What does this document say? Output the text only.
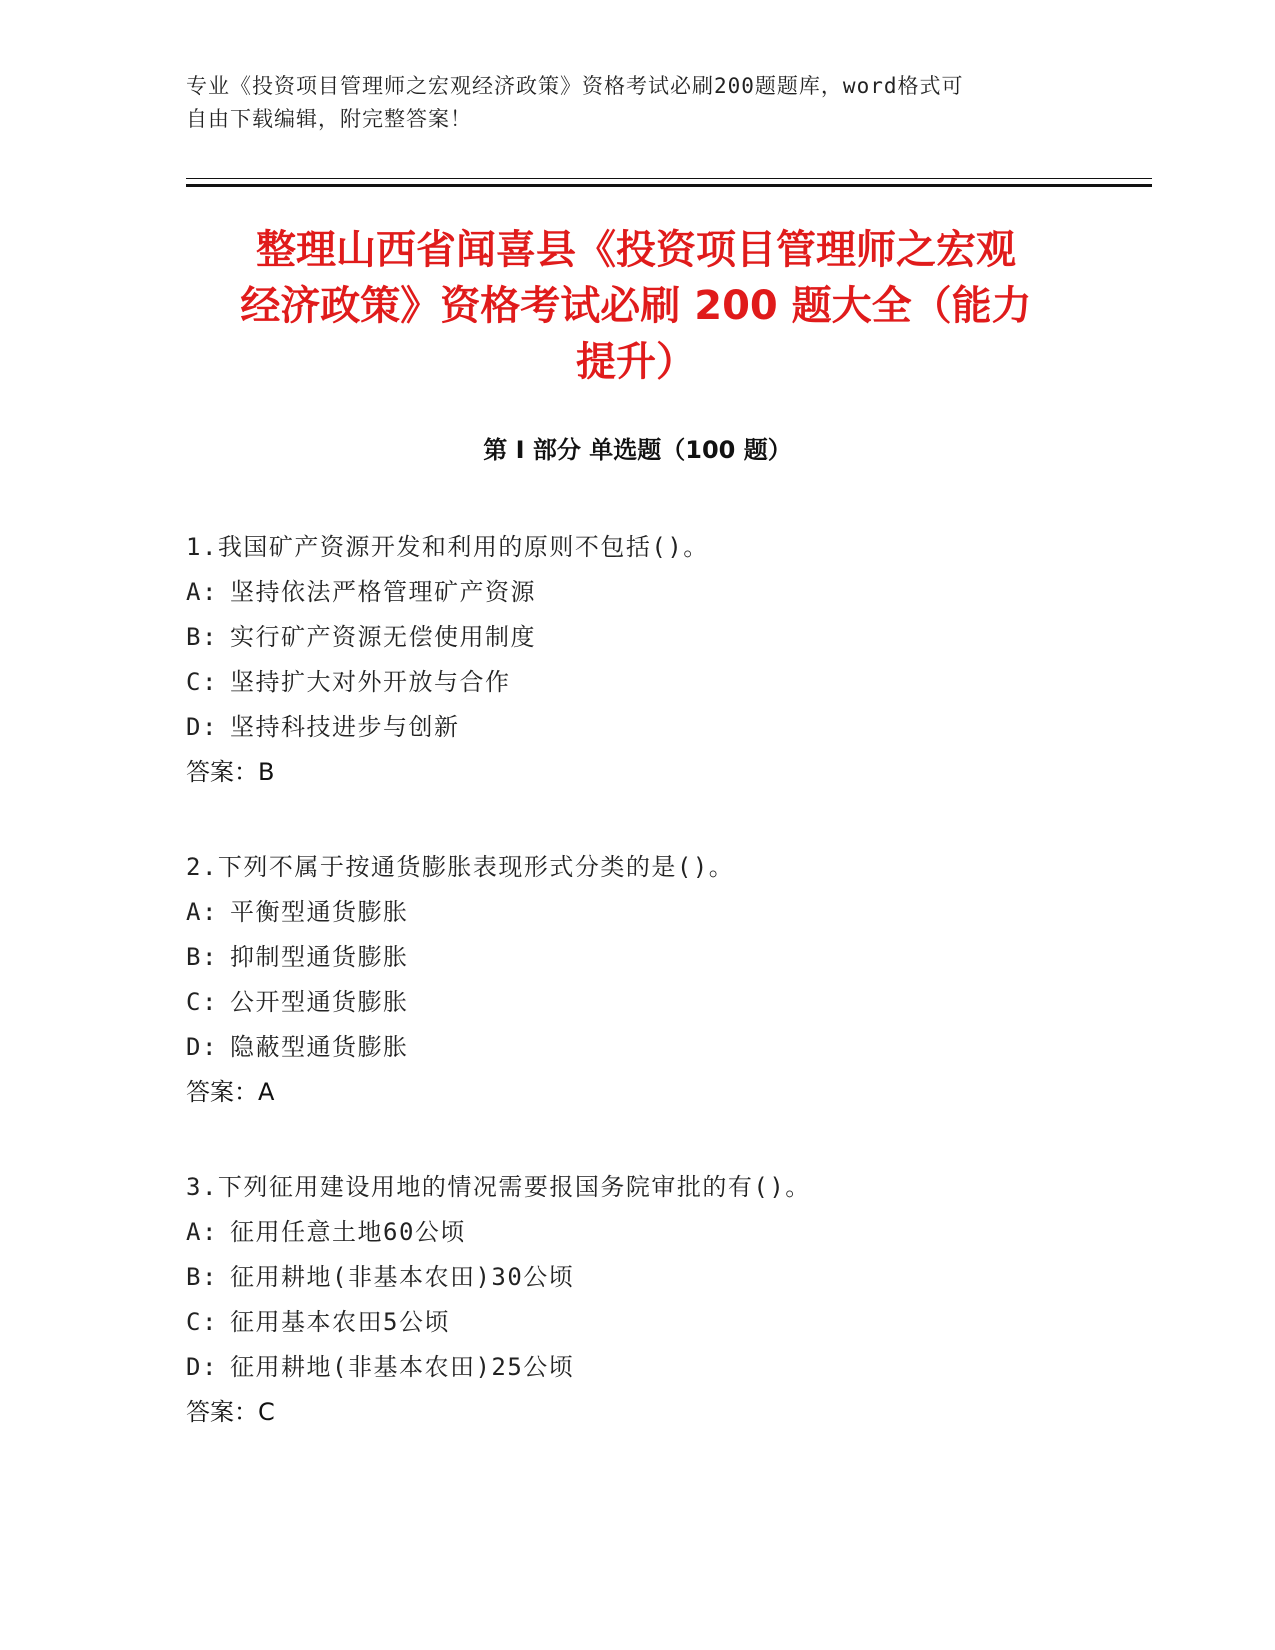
专业《投资项目管理师之宏观经济政策》资格考试必刷200题题库，word格式可
自由下载编辑，附完整答案！
整理山西省闻喜县《投资项目管理师之宏观
经济政策》资格考试必刷 200 题大全（能力
提升）
第 I 部分 单选题（100 题）
1.我国矿产资源开发和利用的原则不包括()。
A: 坚持依法严格管理矿产资源
B: 实行矿产资源无偿使用制度
C: 坚持扩大对外开放与合作
D: 坚持科技进步与创新
答案：B
2.下列不属于按通货膨胀表现形式分类的是()。
A: 平衡型通货膨胀
B: 抑制型通货膨胀
C: 公开型通货膨胀
D: 隐蔽型通货膨胀
答案：A
3.下列征用建设用地的情况需要报国务院审批的有()。
A: 征用任意土地60公顷
B: 征用耕地(非基本农田)30公顷
C: 征用基本农田5公顷
D: 征用耕地(非基本农田)25公顷
答案：C
